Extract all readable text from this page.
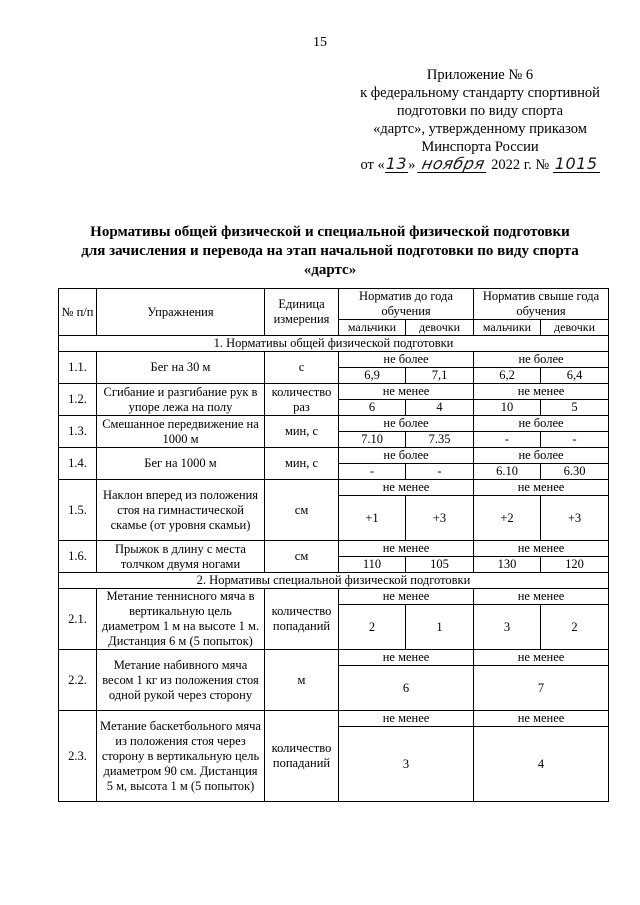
15
Приложение № 6
к федеральному стандарту спортивной
подготовки по виду спорта
«дартс», утвержденному приказом
Минспорта России
от «13» ноября 2022 г. № 1015
Нормативы общей физической и специальной физической подготовки
для зачисления и перевода на этап начальной подготовки по виду спорта
«дартс»
№ п/п	Упражнения	Единица измерения	Норматив до года обучения		Норматив свыше года обучения	
			мальчики	девочки	мальчики	девочки
1. Нормативы общей физической подготовки						
1.1.	Бег на 30 м	с	не более		не более	
			6,9	7,1	6,2	6,4
1.2.	Сгибание и разгибание рук в упоре лежа на полу	количество раз	не менее		не менее	
			6	4	10	5
1.3.	Смешанное передвижение на 1000 м	мин, с	не более		не более	
			7.10	7.35	-	-
1.4.	Бег на 1000 м	мин, с	не более		не более	
			-	-	6.10	6.30
1.5.	Наклон вперед из положения стоя на гимнастической скамье (от уровня скамьи)	см	не менее		не менее	
			+1	+3	+2	+3
1.6.	Прыжок в длину с места толчком двумя ногами	см	не менее		не менее	
			110	105	130	120
2. Нормативы специальной физической подготовки						
2.1.	Метание теннисного мяча в вертикальную цель диаметром 1 м на высоте 1 м. Дистанция 6 м (5 попыток)	количество попаданий	не менее		не менее	
			2	1	3	2
2.2.	Метание набивного мяча весом 1 кг из положения стоя одной рукой через сторону	м	не менее		не менее	
			6		7	
2.3.	Метание баскетбольного мяча из положения стоя через сторону в вертикальную цель диаметром 90 см. Дистанция 5 м, высота 1 м (5 попыток)	количество попаданий	не менее		не менее	
			3		4	
